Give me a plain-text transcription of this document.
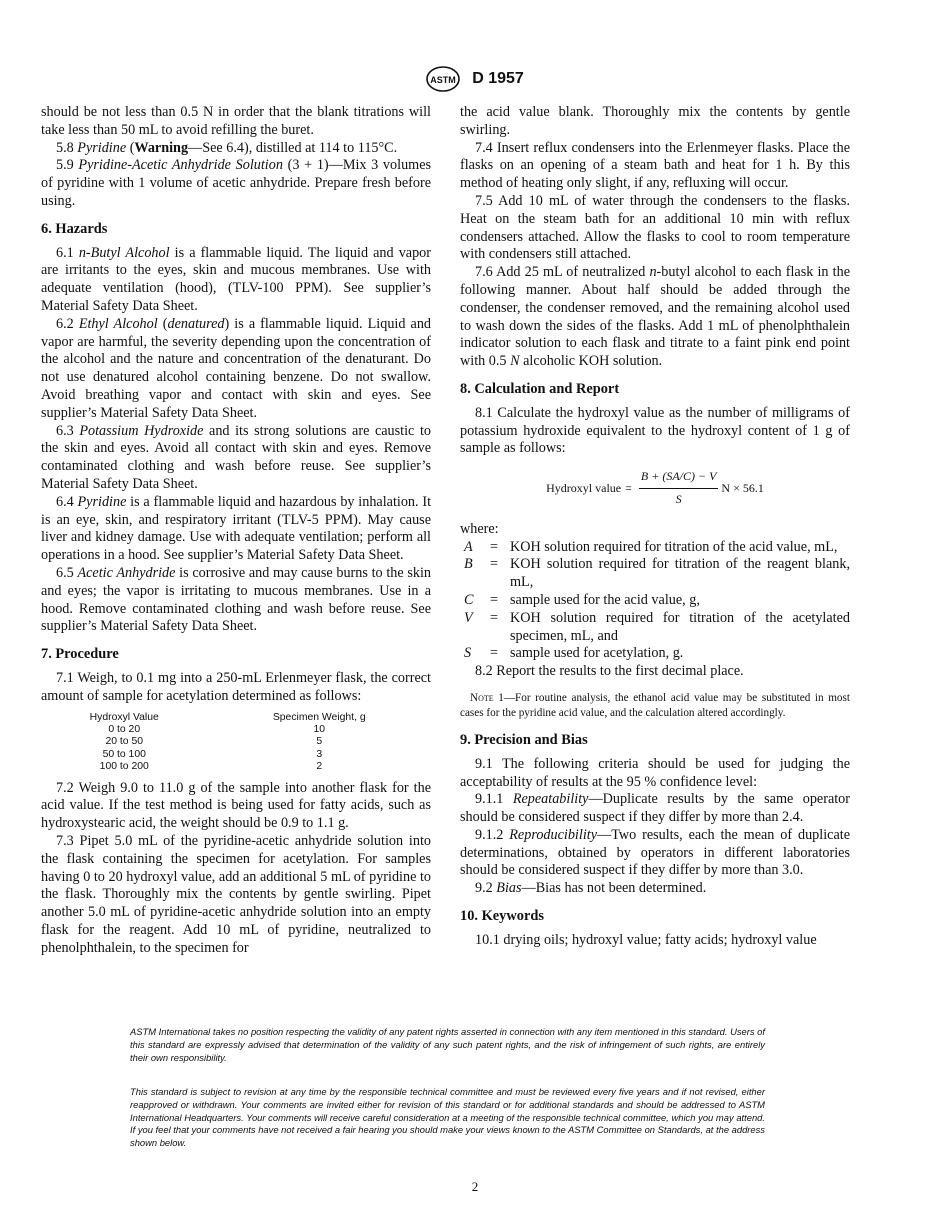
ASTM D 1957

should be not less than 0.5 N in order that the blank titrations will take less than 50 mL to avoid refilling the buret.

5.8 Pyridine (Warning—See 6.4), distilled at 114 to 115°C.

5.9 Pyridine-Acetic Anhydride Solution (3 + 1)—Mix 3 volumes of pyridine with 1 volume of acetic anhydride. Prepare fresh before using.

6. Hazards

6.1 n-Butyl Alcohol is a flammable liquid. The liquid and vapor are irritants to the eyes, skin and mucous membranes. Use with adequate ventilation (hood), (TLV-100 PPM). See supplier’s Material Safety Data Sheet.

6.2 Ethyl Alcohol (denatured) is a flammable liquid. Liquid and vapor are harmful, the severity depending upon the concentration of the alcohol and the nature and concentration of the denaturant. Do not use denatured alcohol containing benzene. Do not swallow. Avoid breathing vapor and contact with skin and eyes. See supplier’s Material Safety Data Sheet.

6.3 Potassium Hydroxide and its strong solutions are caustic to the skin and eyes. Avoid all contact with skin and eyes. Remove contaminated clothing and wash before reuse. See supplier’s Material Safety Data Sheet.

6.4 Pyridine is a flammable liquid and hazardous by inhalation. It is an eye, skin, and respiratory irritant (TLV-5 PPM). May cause liver and kidney damage. Use with adequate ventilation; perform all operations in a hood. See supplier’s Material Safety Data Sheet.

6.5 Acetic Anhydride is corrosive and may cause burns to the skin and eyes; the vapor is irritating to mucous membranes. Use in a hood. Remove contaminated clothing and wash before reuse. See supplier’s Material Safety Data Sheet.

7. Procedure

7.1 Weigh, to 0.1 mg into a 250-mL Erlenmeyer flask, the correct amount of sample for acetylation determined as follows:

Hydroxyl Value	Specimen Weight, g
0 to 20	10
20 to 50	5
50 to 100	3
100 to 200	2

7.2 Weigh 9.0 to 11.0 g of the sample into another flask for the acid value. If the test method is being used for fatty acids, such as hydroxystearic acid, the weight should be 0.9 to 1.1 g.

7.3 Pipet 5.0 mL of the pyridine-acetic anhydride solution into the flask containing the specimen for acetylation. For samples having 0 to 20 hydroxyl value, add an additional 5 mL of pyridine to the flask. Thoroughly mix the contents by gentle swirling. Pipet another 5.0 mL of pyridine-acetic anhydride solution into an empty flask for the reagent. Add 10 mL of pyridine, neutralized to phenolphthalein, to the specimen for

the acid value blank. Thoroughly mix the contents by gentle swirling.

7.4 Insert reflux condensers into the Erlenmeyer flasks. Place the flasks on an opening of a steam bath and heat for 1 h. By this method of heating only slight, if any, refluxing will occur.

7.5 Add 10 mL of water through the condensers to the flasks. Heat on the steam bath for an additional 10 min with reflux condensers attached. Allow the flasks to cool to room temperature with condensers still attached.

7.6 Add 25 mL of neutralized n-butyl alcohol to each flask in the following manner. About half should be added through the condenser, the condenser removed, and the remaining alcohol used to wash down the sides of the flasks. Add 1 mL of phenolphthalein indicator solution to each flask and titrate to a faint pink end point with 0.5 N alcoholic KOH solution.

8. Calculation and Report

8.1 Calculate the hydroxyl value as the number of milligrams of potassium hydroxide equivalent to the hydroxyl content of 1 g of sample as follows:

Hydroxyl value = $\frac{B + (SA/C) - V}{S}$ N × 56.1

where:

A	=	KOH solution required for titration of the acid value, mL,
B	=	KOH solution required for titration of the reagent blank, mL,
C	=	sample used for the acid value, g,
V	=	KOH solution required for titration of the acetylated specimen, mL, and
S	=	sample used for acetylation, g.

8.2 Report the results to the first decimal place.

Note 1—For routine analysis, the ethanol acid value may be substituted in most cases for the pyridine acid value, and the calculation altered accordingly.

9. Precision and Bias

9.1 The following criteria should be used for judging the acceptability of results at the 95 % confidence level:

9.1.1 Repeatability—Duplicate results by the same operator should be considered suspect if they differ by more than 2.4.

9.1.2 Reproducibility—Two results, each the mean of duplicate determinations, obtained by operators in different laboratories should be considered suspect if they differ by more than 3.0.

9.2 Bias—Bias has not been determined.

10. Keywords

10.1 drying oils; hydroxyl value; fatty acids; hydroxyl value

ASTM International takes no position respecting the validity of any patent rights asserted in connection with any item mentioned in this standard. Users of this standard are expressly advised that determination of the validity of any such patent rights, and the risk of infringement of such rights, are entirely their own responsibility.

This standard is subject to revision at any time by the responsible technical committee and must be reviewed every five years and if not revised, either reapproved or withdrawn. Your comments are invited either for revision of this standard or for additional standards and should be addressed to ASTM International Headquarters. Your comments will receive careful consideration at a meeting of the responsible technical committee, which you may attend. If you feel that your comments have not received a fair hearing you should make your views known to the ASTM Committee on Standards, at the address shown below.

2
